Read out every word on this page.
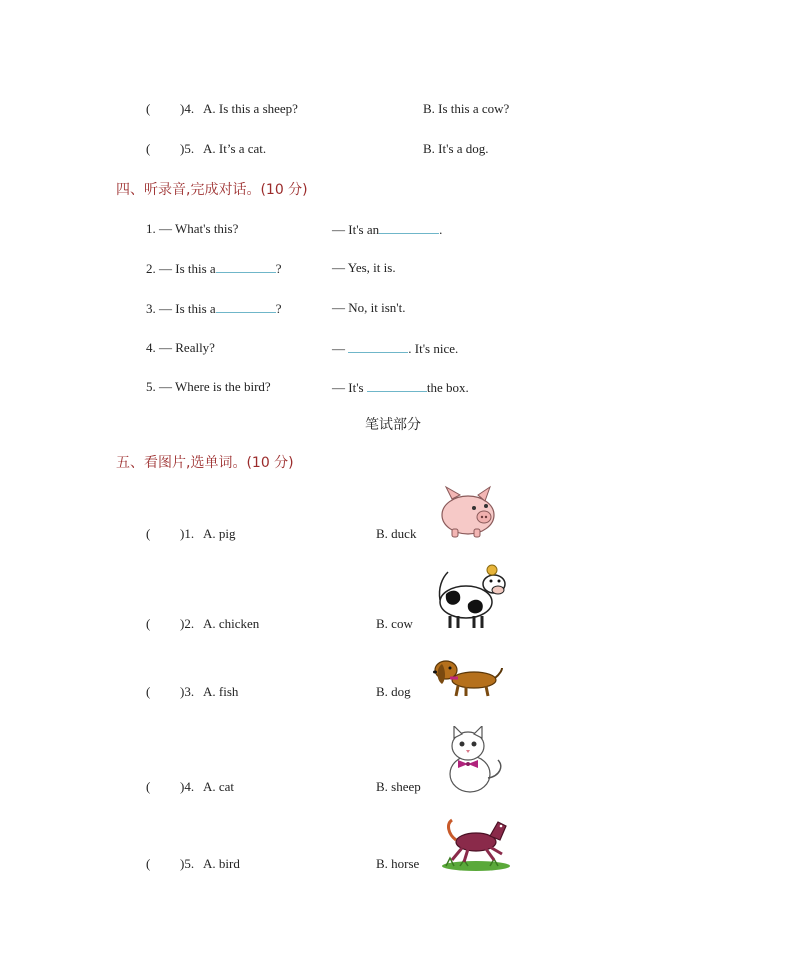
( )4. A. Is this a sheep?	B. Is this a cow?
( )5. A. It’s a cat.	B. It's a dog.
四、听录音,完成对话。(10 分)
1. — What's this?	— It's an	.
2. — Is this a	?	— Yes, it is.
3. — Is this a	?	— No, it isn't.
4. — Really?	—	. It's nice.
5. — Where is the bird?	— It's	the box.
笔试部分
五、看图片,选单词。(10 分)
( )1. A. pig	B. duck
( )2. A. chicken	B. cow
( )3. A. fish	B. dog
( )4. A. cat	B. sheep
( )5. A. bird	B. horse
